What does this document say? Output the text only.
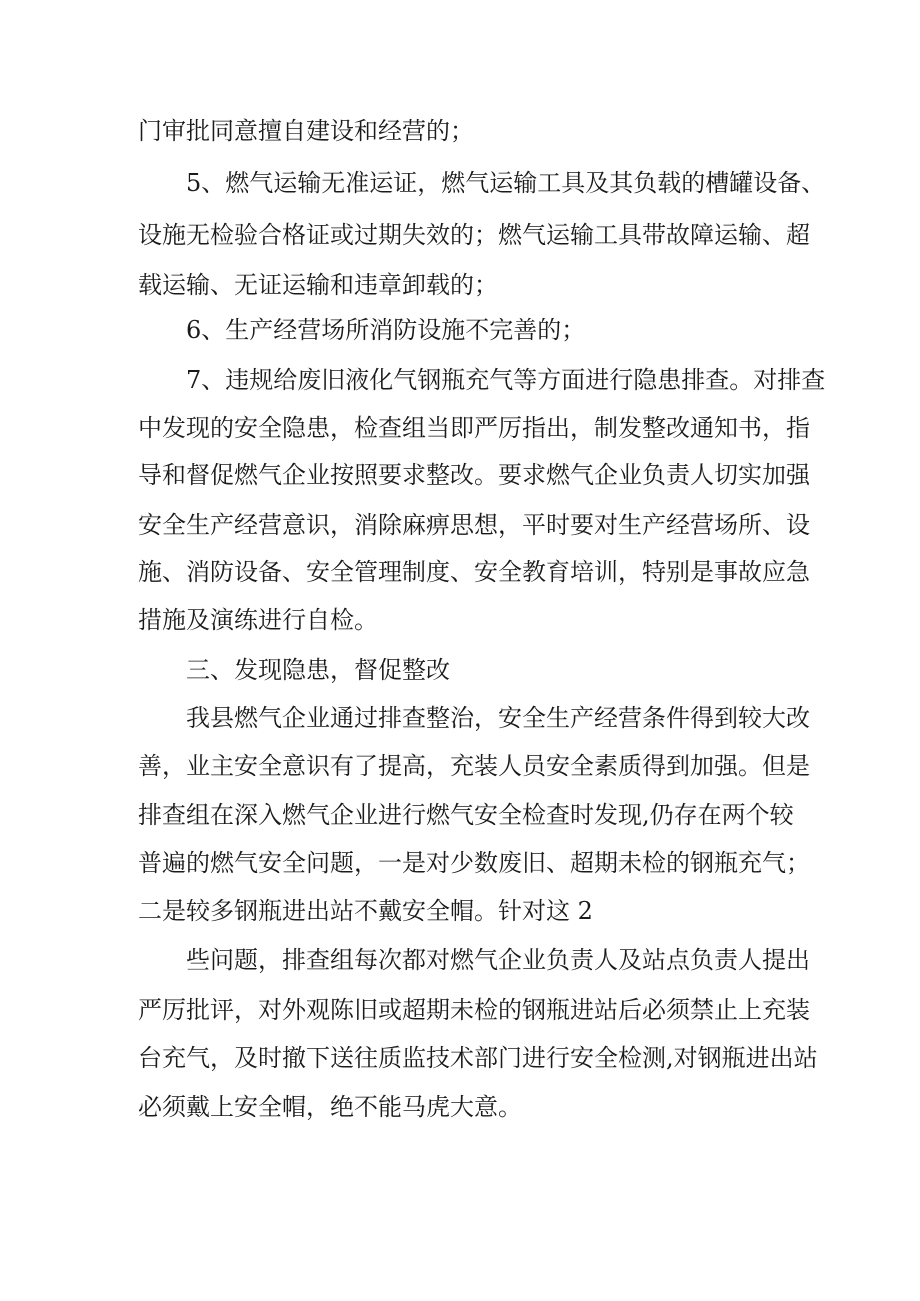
门审批同意擅自建设和经营的；
5、燃气运输无准运证，燃气运输工具及其负载的槽罐设备、
设施无检验合格证或过期失效的；燃气运输工具带故障运输、超
载运输、无证运输和违章卸载的；
6、生产经营场所消防设施不完善的；
7、违规给废旧液化气钢瓶充气等方面进行隐患排查。对排查
中发现的安全隐患，检查组当即严厉指出，制发整改通知书，指
导和督促燃气企业按照要求整改。要求燃气企业负责人切实加强
安全生产经营意识，消除麻痹思想，平时要对生产经营场所、设
施、消防设备、安全管理制度、安全教育培训，特别是事故应急
措施及演练进行自检。
三、发现隐患，督促整改
我县燃气企业通过排查整治，安全生产经营条件得到较大改
善，业主安全意识有了提高，充装人员安全素质得到加强。但是
排查组在深入燃气企业进行燃气安全检查时发现,仍存在两个较
普遍的燃气安全问题，一是对少数废旧、超期未检的钢瓶充气；
二是较多钢瓶进出站不戴安全帽。针对这 2
些问题，排查组每次都对燃气企业负责人及站点负责人提出
严厉批评，对外观陈旧或超期未检的钢瓶进站后必须禁止上充装
台充气，及时撤下送往质监技术部门进行安全检测,对钢瓶进出站
必须戴上安全帽，绝不能马虎大意。
